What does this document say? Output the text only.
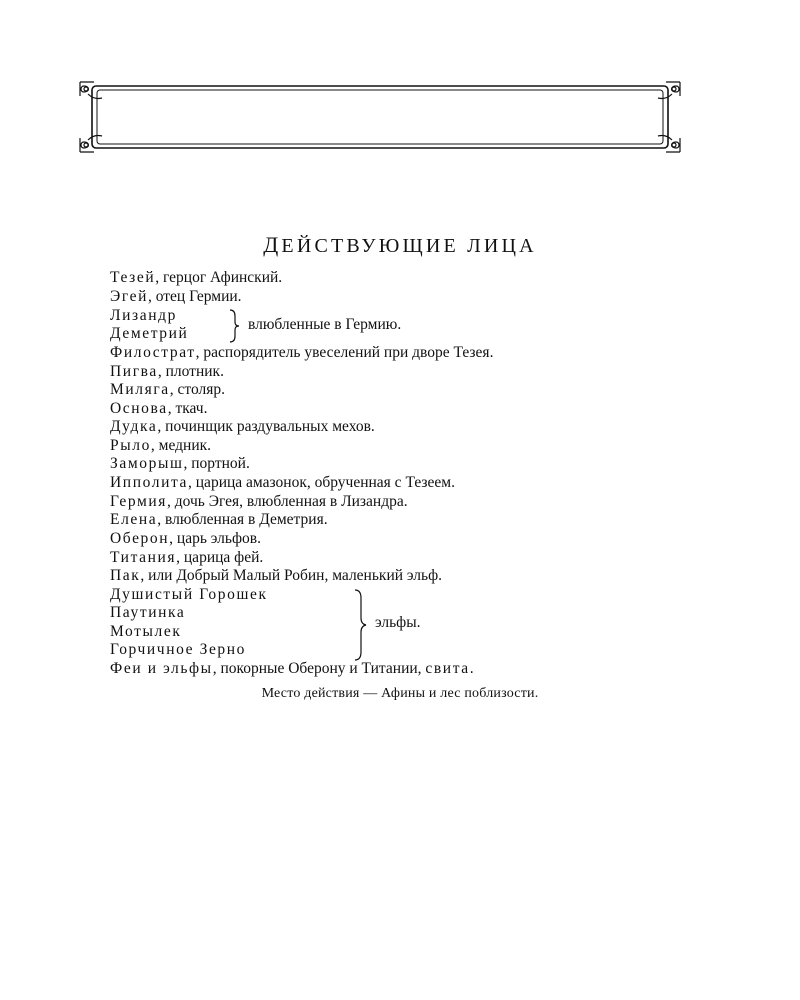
ДЕЙСТВУЮЩИЕ ЛИЦА
Тезей, герцог Афинский.
Эгей, отец Гермии.
Лизандр
Деметрий
влюбленные в Гермию.
Филострат, распорядитель увеселений при дворе Тезея.
Пигва, плотник.
Миляга, столяр.
Основа, ткач.
Дудка, починщик раздувальных мехов.
Рыло, медник.
Заморыш, портной.
Ипполита, царица амазонок, обрученная с Тезеем.
Гермия, дочь Эгея, влюбленная в Лизандра.
Елена, влюбленная в Деметрия.
Оберон, царь эльфов.
Титания, царица фей.
Пак, или Добрый Малый Робин, маленький эльф.
Душистый Горошек
Паутинка
Мотылек
Горчичное Зерно
эльфы.
Феи и эльфы, покорные Оберону и Титании, свита.
Место действия — Афины и лес поблизости.
